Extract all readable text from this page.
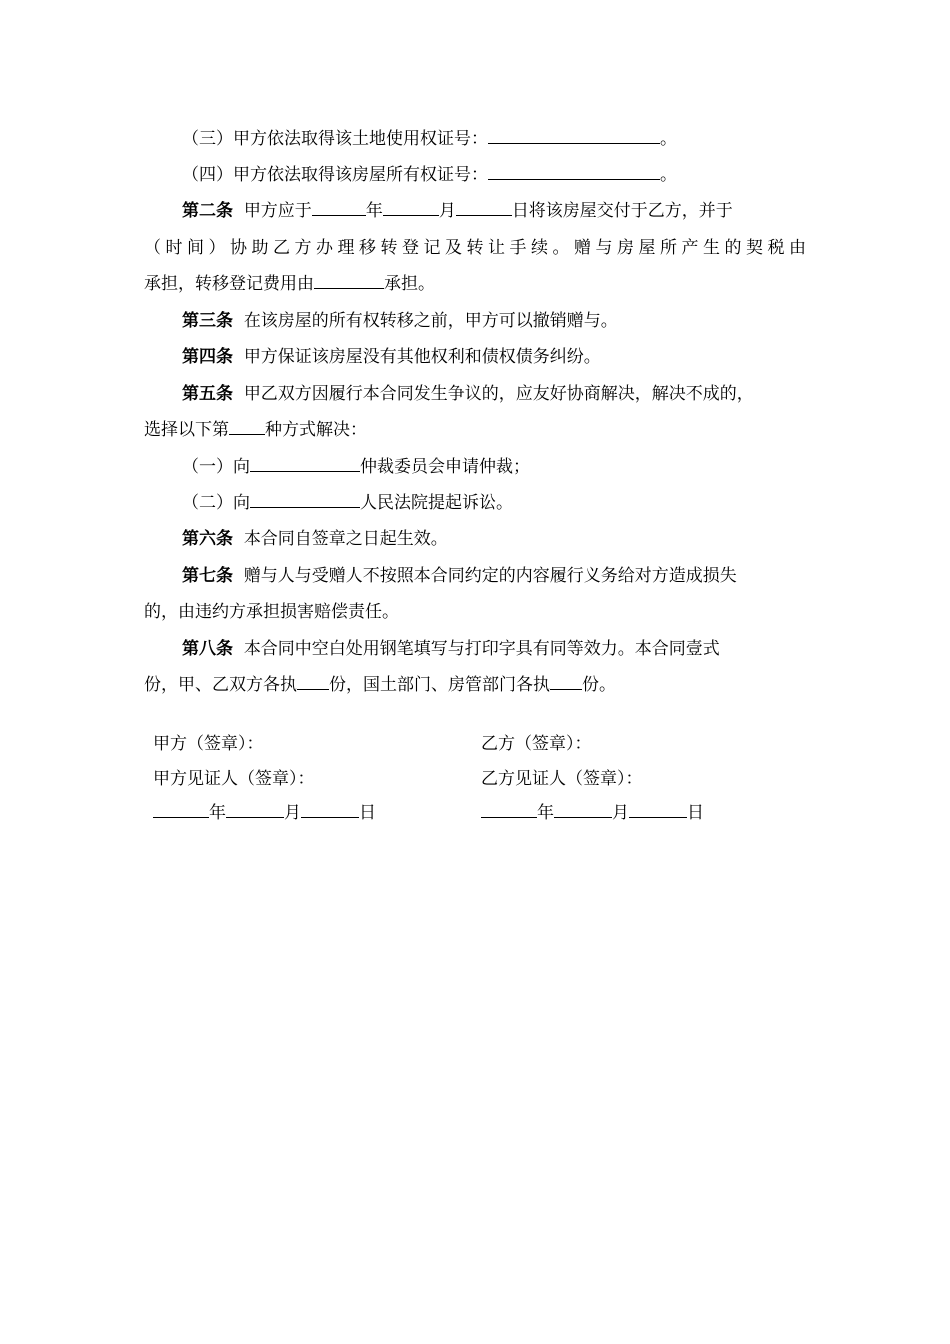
（三）甲方依法取得该土地使用权证号：	。
（四）甲方依法取得该房屋所有权证号：	。
第二条 甲方应于	年	月	日将该房屋交付于乙方，并于
（时间）协助乙方办理移转登记及转让手续。赠与房屋所产生的契税由
承担，转移登记费用由	承担。
第三条 在该房屋的所有权转移之前，甲方可以撤销赠与。
第四条 甲方保证该房屋没有其他权利和债权债务纠纷。
第五条 甲乙双方因履行本合同发生争议的，应友好协商解决，解决不成的，
选择以下第 种方式解决：
（一）向	仲裁委员会申请仲裁；
（二）向	人民法院提起诉讼。
第六条 本合同自签章之日起生效。
第七条 赠与人与受赠人不按照本合同约定的内容履行义务给对方造成损失
的，由违约方承担损害赔偿责任。
第八条 本合同中空白处用钢笔填写与打印字具有同等效力。本合同壹式
份，甲、乙双方各执 份，国土部门、房管部门各执 份。
甲方（签章）：	乙方（签章）：
甲方见证人（签章）：	乙方见证人（签章）：
年	月	日	年	月	日
